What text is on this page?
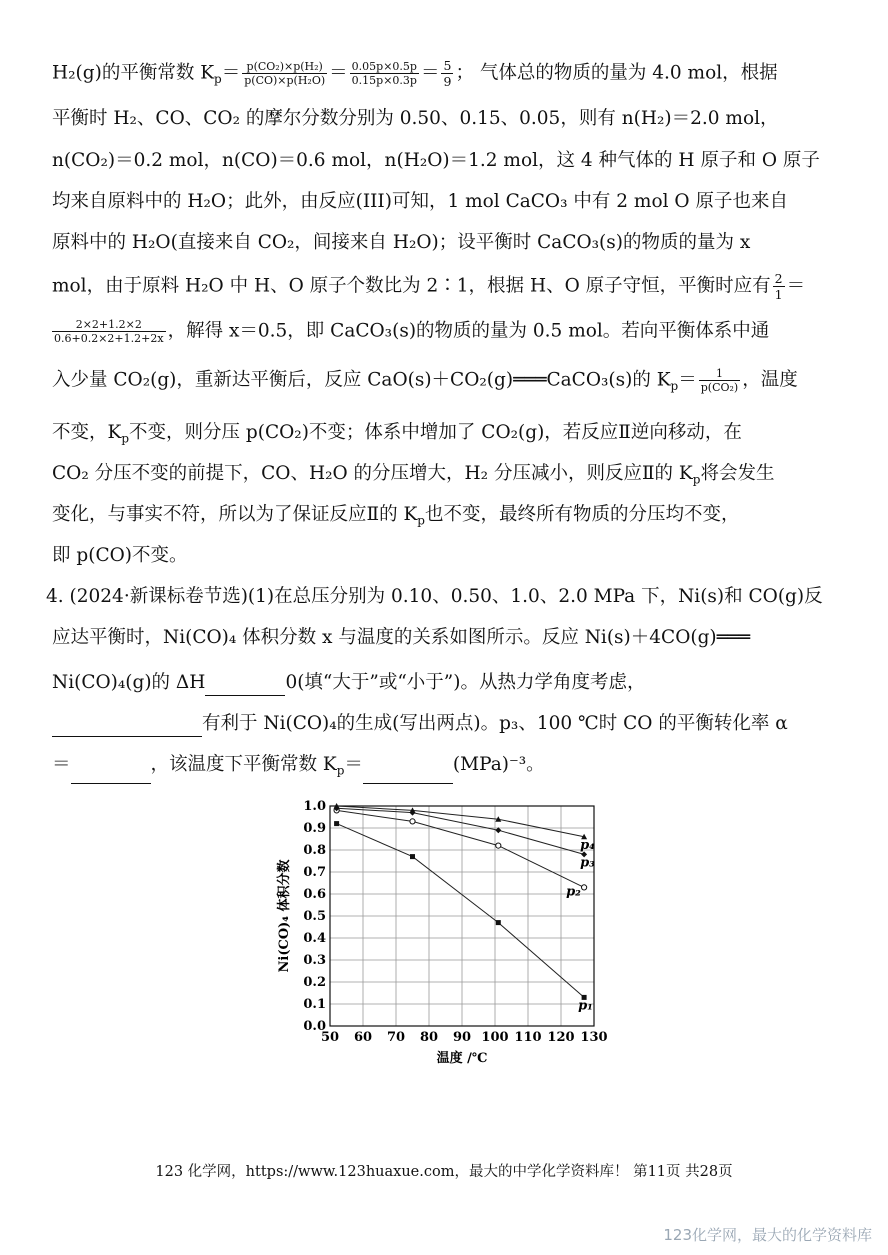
H₂(g)的平衡常数 $K_p= \frac{\text{p(CO₂)×p(H₂)}}{\text{p(CO)×p(H₂O)}} = \frac{0.05p\times 0.5p}{0.15p\times 0.3p} = \frac{5}{9}$ ； 气体总的物质的量为 4.0 mol，根据
平衡时 H₂、CO、CO₂ 的摩尔分数分别为 0.50、0.15、0.05，则有 n(H₂)＝2.0 mol，
n(CO₂)＝0.2 mol，n(CO)＝0.6 mol，n(H₂O)＝1.2 mol，这 4 种气体的 H 原子和 O 原子
均来自原料中的 H₂O；此外，由反应(III)可知，1 mol CaCO₃ 中有 2 mol O 原子也来自
原料中的 H₂O(直接来自 CO₂，间接来自 H₂O)；设平衡时 CaCO₃(s)的物质的量为 x
mol，由于原料 H₂O 中 H、O 原子个数比为 2∶1，根据 H、O 原子守恒，平衡时应有 $\frac{2}{1}$ ＝
$\frac{2\times 2+1.2\times 2}{0.6+0.2\times 2+1.2+2x}$ ，解得 x＝0.5，即 CaCO₃(s)的物质的量为 0.5 mol。若向平衡体系中通
入少量 CO₂(g)，重新达平衡后，反应 CaO(s)＋CO₂(g)═══CaCO₃(s)的 $K_p= \frac{1}{\text{p(CO₂)}}$ ，温度
不变，$K_p$不变，则分压 p(CO₂)不变；体系中增加了 CO₂(g)，若反应Ⅱ逆向移动，在
CO₂ 分压不变的前提下，CO、H₂O 的分压增大，H₂ 分压减小，则反应Ⅱ的 $K_p$将会发生
变化，与事实不符，所以为了保证反应Ⅱ的 $K_p$也不变，最终所有物质的分压均不变，
即 p(CO)不变。
4. (2024·新课标卷节选)(1)在总压分别为 0.10、0.50、1.0、2.0 MPa 下，Ni(s)和 CO(g)反
应达平衡时，Ni(CO)₄ 体积分数 x 与温度的关系如图所示。反应 Ni(s)＋4CO(g)═══
Ni(CO)₄(g)的 ΔH	0(填“大于”或“小于”)。从热力学角度考虑，
有利于 Ni(CO)₄的生成(写出两点)。p₃、100 ℃时 CO 的平衡转化率 α
＝	，该温度下平衡常数 $K_p=$	(MPa)⁻³。
50 60 70 80 90 100 110 120 130
0.0
0.1
0.2
0.3
0.4
0.5
0.6
0.7
0.8
0.9
1.0
温度 /℃
Ni(CO)₄ 体积分数
p₁
p₂
p₃
p₄
123 化学网，https://www.123huaxue.com，最大的中学化学资料库！ 第11页 共28页
123化学网，最大的化学资料库
